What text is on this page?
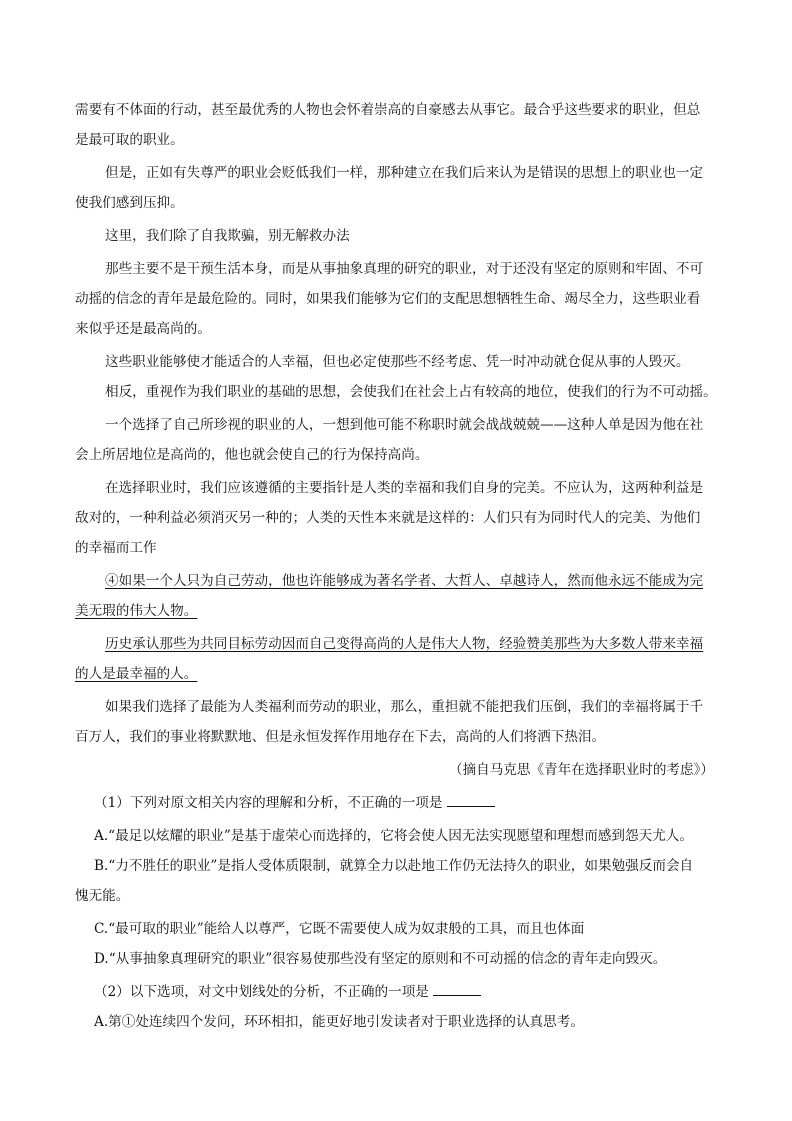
需要有不体面的行动，甚至最优秀的人物也会怀着崇高的自豪感去从事它。最合乎这些要求的职业，但总
是最可取的职业。
但是，正如有失尊严的职业会贬低我们一样，那种建立在我们后来认为是错误的思想上的职业也一定
使我们感到压抑。
这里，我们除了自我欺骗，别无解救办法
那些主要不是干预生活本身，而是从事抽象真理的研究的职业，对于还没有坚定的原则和牢固、不可
动摇的信念的青年是最危险的。同时，如果我们能够为它们的支配思想牺牲生命、竭尽全力，这些职业看
来似乎还是最高尚的。
这些职业能够使才能适合的人幸福，但也必定使那些不经考虑、凭一时冲动就仓促从事的人毁灭。
相反，重视作为我们职业的基础的思想，会使我们在社会上占有较高的地位，使我们的行为不可动摇。
一个选择了自己所珍视的职业的人，一想到他可能不称职时就会战战兢兢——这种人单是因为他在社
会上所居地位是高尚的，他也就会使自己的行为保持高尚。
在选择职业时，我们应该遵循的主要指针是人类的幸福和我们自身的完美。不应认为，这两种利益是
敌对的，一种利益必须消灭另一种的；人类的天性本来就是这样的：人们只有为同时代人的完美、为他们
的幸福而工作
④如果一个人只为自己劳动，他也许能够成为著名学者、大哲人、卓越诗人，然而他永远不能成为完
美无瑕的伟大人物。
历史承认那些为共同目标劳动因而自己变得高尚的人是伟大人物，经验赞美那些为大多数人带来幸福
的人是最幸福的人。
如果我们选择了最能为人类福利而劳动的职业，那么，重担就不能把我们压倒，我们的幸福将属于千
百万人，我们的事业将默默地、但是永恒发挥作用地存在下去，高尚的人们将洒下热泪。
（摘自马克思《青年在选择职业时的考虑》）
（1）下列对原文相关内容的理解和分析，不正确的一项是
A.“最足以炫耀的职业”是基于虚荣心而选择的，它将会使人因无法实现愿望和理想而感到怨天尤人。
B.“力不胜任的职业”是指人受体质限制，就算全力以赴地工作仍无法持久的职业，如果勉强反而会自
愧无能。
C.“最可取的职业”能给人以尊严，它既不需要使人成为奴隶般的工具，而且也体面
D.“从事抽象真理研究的职业”很容易使那些没有坚定的原则和不可动摇的信念的青年走向毁灭。
（2）以下选项，对文中划线处的分析，不正确的一项是
A.第①处连续四个发问，环环相扣，能更好地引发读者对于职业选择的认真思考。
